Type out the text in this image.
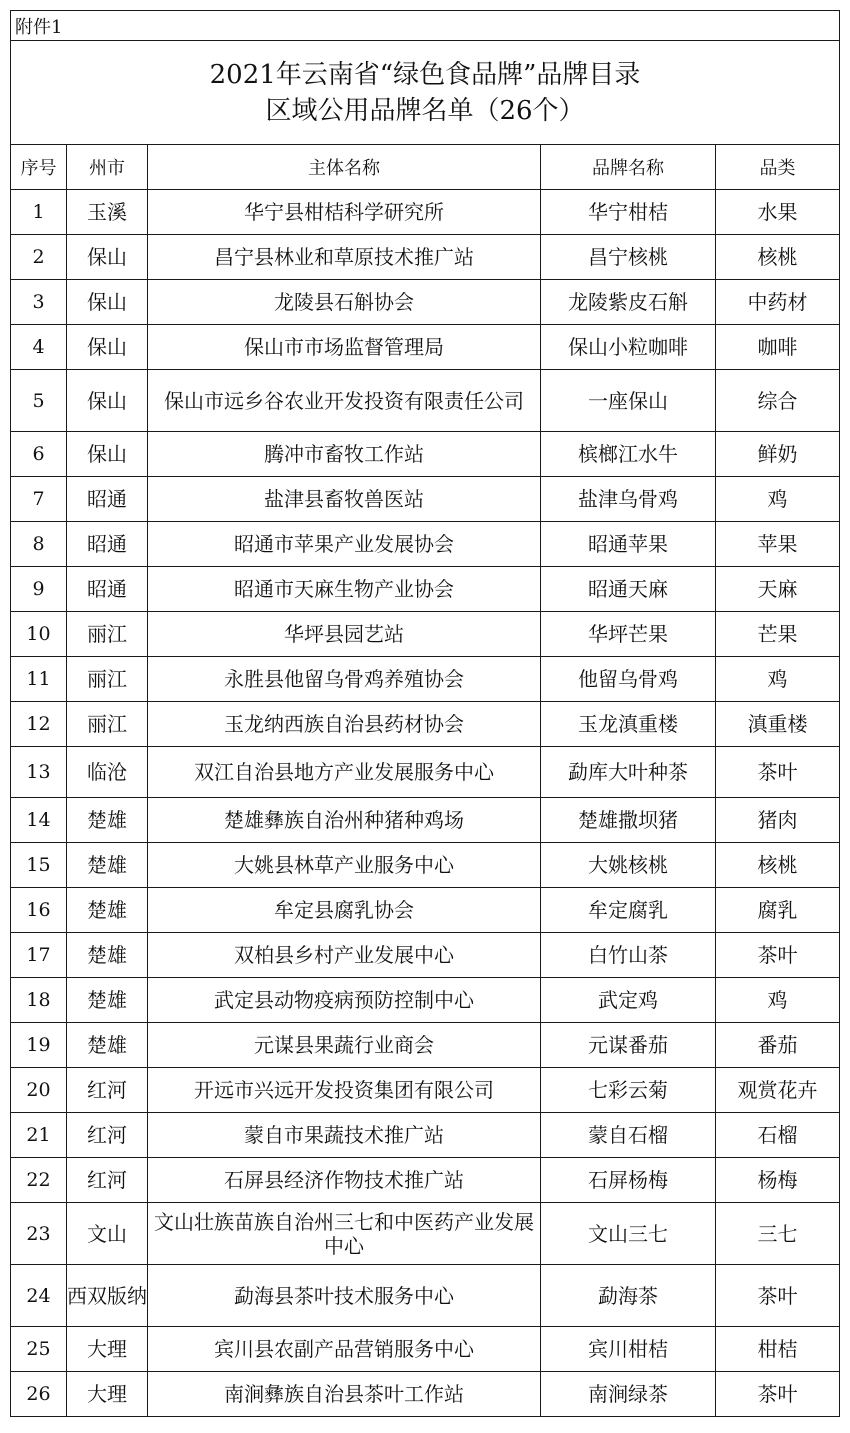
附件1				

2021年云南省“绿色食品牌”品牌目录
区域公用品牌名单（26个）				

序号	州市	主体名称	品牌名称	品类
1	玉溪	华宁县柑桔科学研究所	华宁柑桔	水果
2	保山	昌宁县林业和草原技术推广站	昌宁核桃	核桃
3	保山	龙陵县石斛协会	龙陵紫皮石斛	中药材
4	保山	保山市市场监督管理局	保山小粒咖啡	咖啡
5	保山	保山市远乡谷农业开发投资有限责任公司	一座保山	综合
6	保山	腾冲市畜牧工作站	槟榔江水牛	鲜奶
7	昭通	盐津县畜牧兽医站	盐津乌骨鸡	鸡
8	昭通	昭通市苹果产业发展协会	昭通苹果	苹果
9	昭通	昭通市天麻生物产业协会	昭通天麻	天麻
10	丽江	华坪县园艺站	华坪芒果	芒果
11	丽江	永胜县他留乌骨鸡养殖协会	他留乌骨鸡	鸡
12	丽江	玉龙纳西族自治县药材协会	玉龙滇重楼	滇重楼
13	临沧	双江自治县地方产业发展服务中心	勐库大叶种茶	茶叶
14	楚雄	楚雄彝族自治州种猪种鸡场	楚雄撒坝猪	猪肉
15	楚雄	大姚县林草产业服务中心	大姚核桃	核桃
16	楚雄	牟定县腐乳协会	牟定腐乳	腐乳
17	楚雄	双柏县乡村产业发展中心	白竹山茶	茶叶
18	楚雄	武定县动物疫病预防控制中心	武定鸡	鸡
19	楚雄	元谋县果蔬行业商会	元谋番茄	番茄
20	红河	开远市兴远开发投资集团有限公司	七彩云菊	观赏花卉
21	红河	蒙自市果蔬技术推广站	蒙自石榴	石榴
22	红河	石屏县经济作物技术推广站	石屏杨梅	杨梅
23	文山	文山壮族苗族自治州三七和中医药产业发展中心	文山三七	三七
24	西双版纳	勐海县茶叶技术服务中心	勐海茶	茶叶
25	大理	宾川县农副产品营销服务中心	宾川柑桔	柑桔
26	大理	南涧彝族自治县茶叶工作站	南涧绿茶	茶叶
